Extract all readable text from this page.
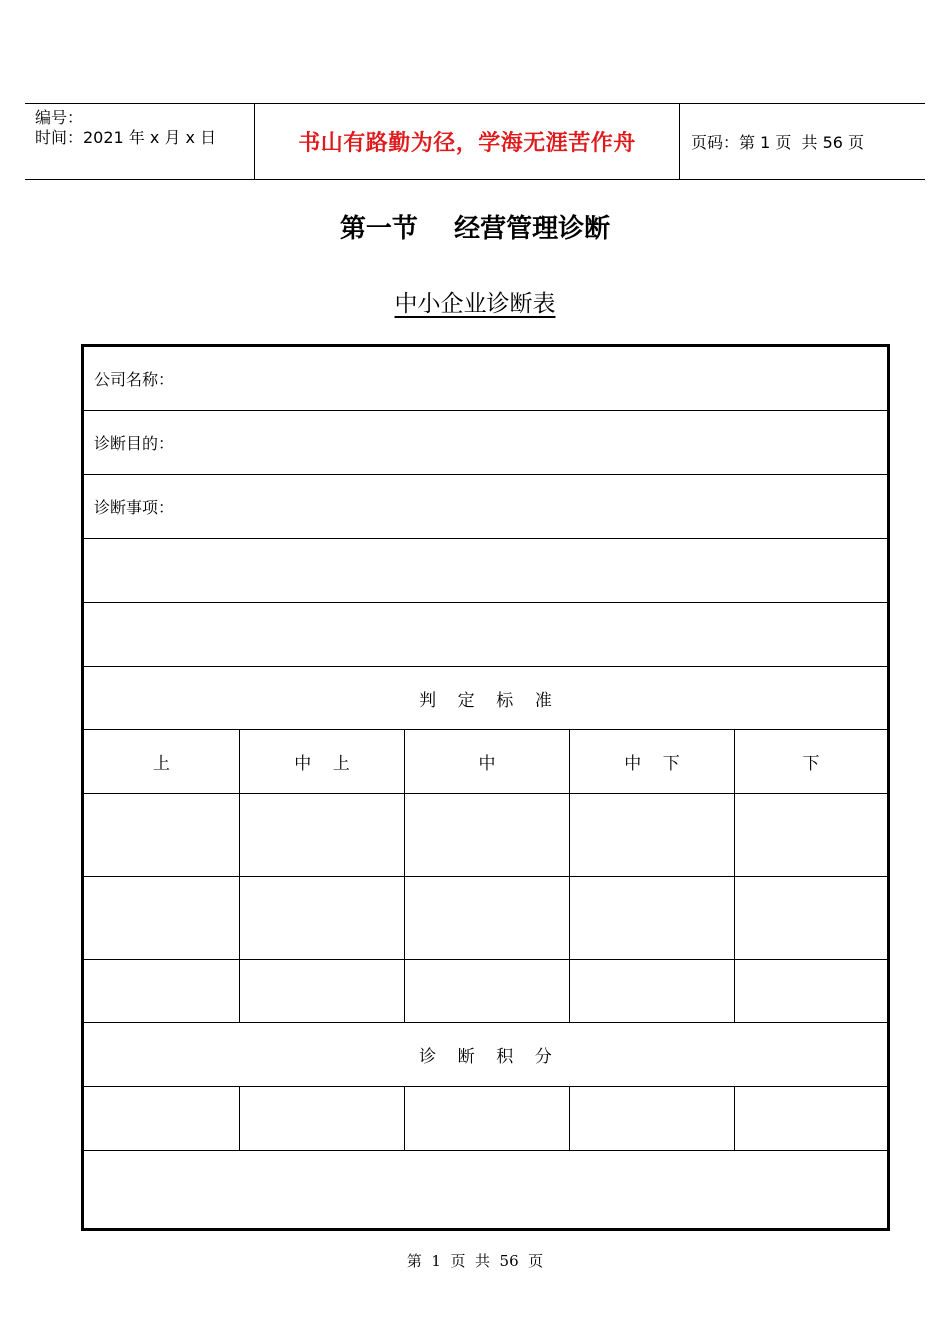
编号：
时间：2021 年 x 月 x 日	书山有路勤为径，学海无涯苦作舟	页码：第 1 页  共 56 页
第一节    经营管理诊断
中小企业诊断表
公司名称：
诊断目的：
诊断事项：
判    定    标    准
上	中    上	中	中    下	下
诊    断    积    分
第  1  页  共  56  页
